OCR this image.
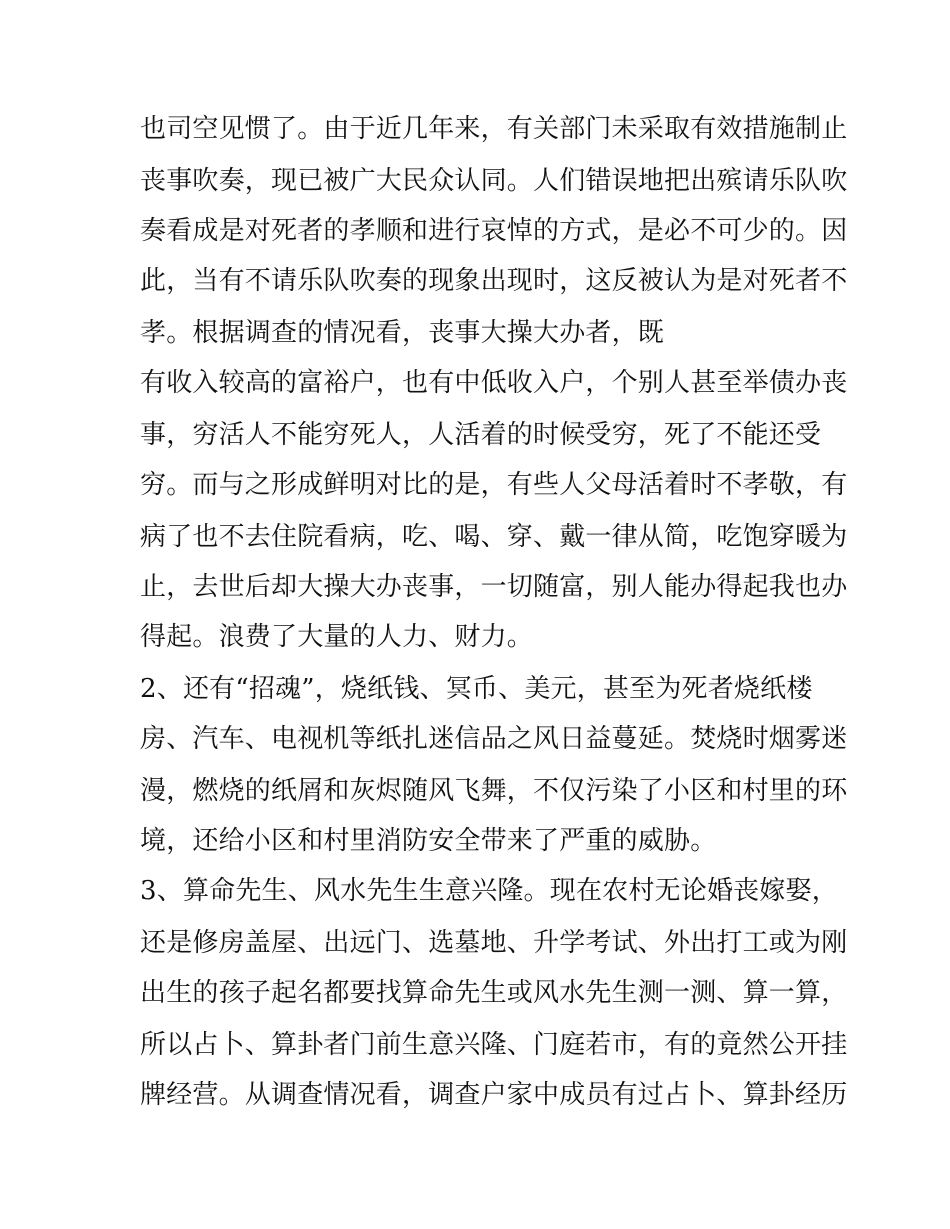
也司空见惯了。由于近几年来，有关部门未采取有效措施制止
丧事吹奏，现已被广大民众认同。人们错误地把出殡请乐队吹
奏看成是对死者的孝顺和进行哀悼的方式，是必不可少的。因
此，当有不请乐队吹奏的现象出现时，这反被认为是对死者不
孝。根据调查的情况看，丧事大操大办者，既
有收入较高的富裕户，也有中低收入户，个别人甚至举债办丧
事，穷活人不能穷死人，人活着的时候受穷，死了不能还受
穷。而与之形成鲜明对比的是，有些人父母活着时不孝敬，有
病了也不去住院看病，吃、喝、穿、戴一律从简，吃饱穿暖为
止，去世后却大操大办丧事，一切随富，别人能办得起我也办
得起。浪费了大量的人力、财力。
2、还有“招魂”，烧纸钱、冥币、美元，甚至为死者烧纸楼
房、汽车、电视机等纸扎迷信品之风日益蔓延。焚烧时烟雾迷
漫，燃烧的纸屑和灰烬随风飞舞，不仅污染了小区和村里的环
境，还给小区和村里消防安全带来了严重的威胁。
3、算命先生、风水先生生意兴隆。现在农村无论婚丧嫁娶，
还是修房盖屋、出远门、选墓地、升学考试、外出打工或为刚
出生的孩子起名都要找算命先生或风水先生测一测、算一算，
所以占卜、算卦者门前生意兴隆、门庭若市，有的竟然公开挂
牌经营。从调查情况看，调查户家中成员有过占卜、算卦经历
